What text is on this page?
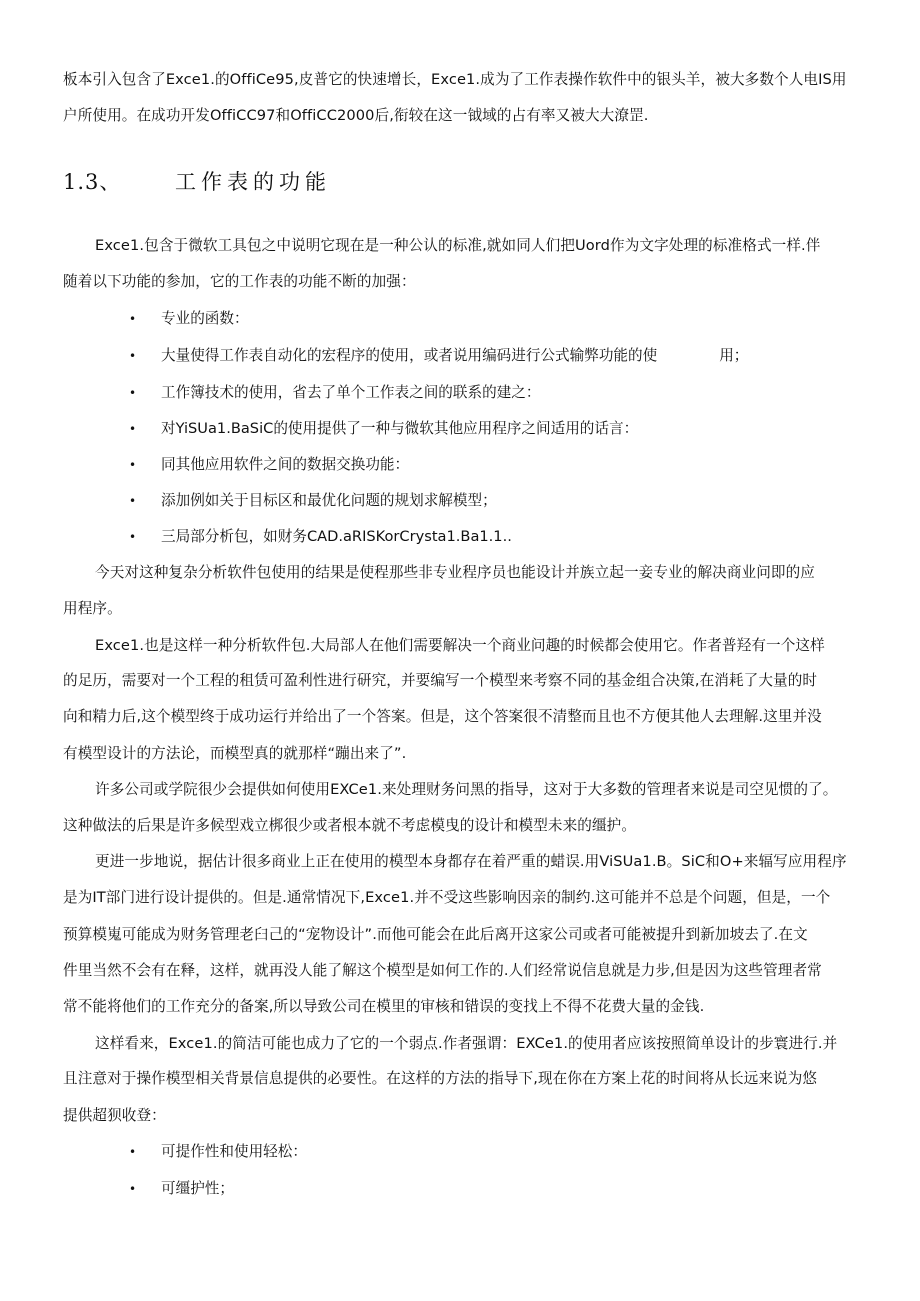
板本引入包含了Exce1.的OffiCe95,皮普它的快速增长，Exce1.成为了工作表操作软件中的银头羊，被大多数个人电IS用
户所使用。在成功开发OffiCC97和OffiCC2000后,衔较在这一钺域的占有率又被大大潦罡.
1.3、	工作表的功能
Exce1.包含于微软工具包之中说明它现在是一种公认的标准,就如同人们把Uord作为文字处理的标准格式一样.伴
随着以下功能的参加，它的工作表的功能不断的加强：
• 专业的函数：
• 大量使得工作表自动化的宏程序的使用，或者说用编码进行公式输弊功能的使	用；
• 工作簿技术的使用，省去了单个工作表之间的联系的建之：
• 对YiSUa1.BaSiC的使用提供了一种与微软其他应用程序之间适用的话言：
• 同其他应用软件之间的数据交换功能：
• 添加例如关于目标区和最优化问题的规划求解模型；
• 三局部分析包，如财务CAD.aRISKorCrysta1.Ba1.1..
今天对这种复杂分析软件包使用的结果是使程那些非专业程序员也能设计并族立起一妾专业的解决商业问即的应
用程序。
Exce1.也是这样一种分析软件包.大局部人在他们需要解决一个商业问趣的时候都会使用它。作者普羟有一个这样
的足历，需要对一个工程的租赁可盈利性进行研究，并要编写一个模型来考察不同的基金组合决策,在消耗了大量的时
向和精力后,这个模型终于成功运行并给出了一个答案。但是，这个答案很不清整而且也不方便其他人去理解.这里并没
有模型设计的方法论，而模型真的就那样“蹦出来了”.
许多公司或学院很少会提供如何使用EXCe1.来处理财务问黑的指导，这对于大多数的管理者来说是司空见惯的了。
这种做法的后果是许多候型戏立梆很少或者根本就不考虑模曳的设计和模型未来的缰护。
更进一步地说，据估计很多商业上正在使用的模型本身都存在着严重的蜡误.用ViSUa1.B。SiC和O+来辐写应用程序
是为IT部门进行设计提供的。但是.通常情况下,Exce1.并不受这些影响因亲的制约.这可能并不总是个问题，但是，一个
预算模嵬可能成为财务管理老臼己的“宠物设计”.而他可能会在此后离开这家公司或者可能被提升到新加坡去了.在文
件里当然不会有在释，这样，就再没人能了解这个模型是如何工作的.人们经常说信息就是力步,但是因为这些管理者常
常不能将他们的工作充分的备案,所以导致公司在模里的审核和错误的变找上不得不花费大量的金钱.
这样看来，Exce1.的简洁可能也成力了它的一个弱点.作者强谓：EXCe1.的使用者应该按照简单设计的步寰进行.并
且注意对于操作模型相关背景信息提供的必要性。在这样的方法的指导下,现在你在方案上花的时间将从长远来说为悠
提供超狈收登：
• 可提作性和使用轻松：
• 可缰护性；
